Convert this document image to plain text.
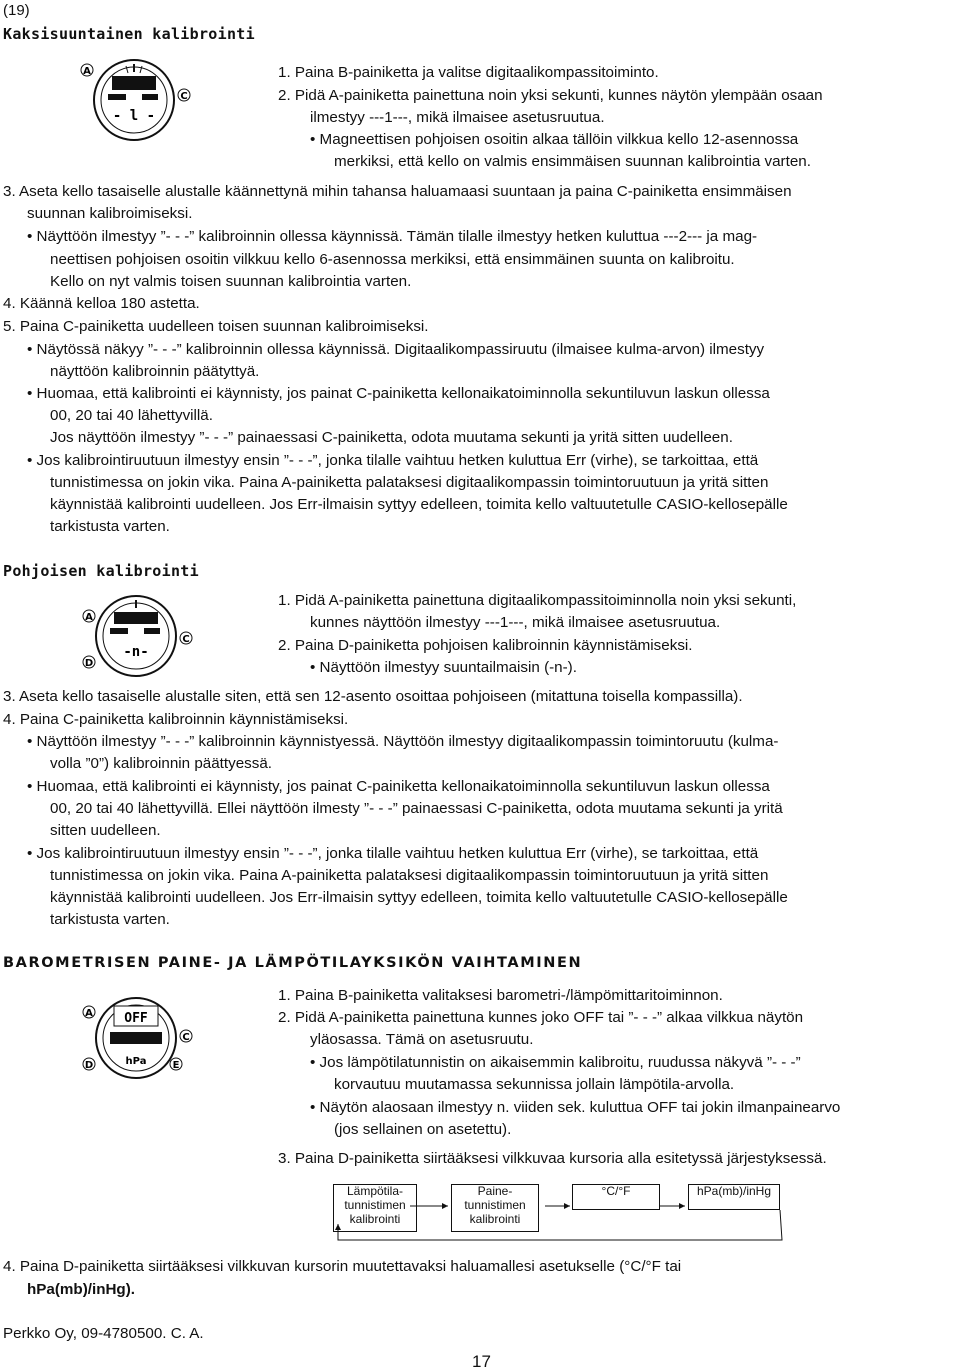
(19)
Kaksisuuntainen kalibrointi
- l -
A
C
1. Paina B-painiketta ja valitse digitaalikompassitoiminto.
2. Pidä A-painiketta painettuna noin yksi sekunti, kunnes näytön ylempään osaan
ilmestyy ---1---, mikä ilmaisee asetusruutua.
• Magneettisen pohjoisen osoitin alkaa tällöin vilkkua kello 12-asennossa
merkiksi, että kello on valmis ensimmäisen suunnan kalibrointia varten.
3. Aseta kello tasaiselle alustalle käännettynä mihin tahansa haluamaasi suuntaan ja paina C-painiketta ensimmäisen
suunnan kalibroimiseksi.
• Näyttöön ilmestyy ”- - -” kalibroinnin ollessa käynnissä. Tämän tilalle ilmestyy hetken kuluttua ---2--- ja mag-
neettisen pohjoisen osoitin vilkkuu kello 6-asennossa merkiksi, että ensimmäinen suunta on kalibroitu.
Kello on nyt valmis toisen suunnan kalibrointia varten.
4. Käännä kelloa 180 astetta.
5. Paina C-painiketta uudelleen toisen suunnan kalibroimiseksi.
• Näytössä näkyy ”- - -” kalibroinnin ollessa käynnissä. Digitaalikompassiruutu (ilmaisee kulma-arvon) ilmestyy
näyttöön kalibroinnin päätyttyä.
• Huomaa, että kalibrointi ei käynnisty, jos painat C-painiketta kellonaikatoiminnolla sekuntiluvun laskun ollessa
00, 20 tai 40 lähettyvillä.
Jos näyttöön ilmestyy ”- - -” painaessasi C-painiketta, odota muutama sekunti ja yritä sitten uudelleen.
• Jos kalibrointiruutuun ilmestyy ensin ”- - -”, jonka tilalle vaihtuu hetken kuluttua Err (virhe), se tarkoittaa, että
tunnistimessa on jokin vika. Paina A-painiketta palataksesi digitaalikompassin toimintoruutuun ja yritä sitten
käynnistää kalibrointi uudelleen. Jos Err-ilmaisin syttyy edelleen, toimita kello valtuutetulle CASIO-kellosepälle
tarkistusta varten.
Pohjoisen kalibrointi
-n-
A
C
D
1. Pidä A-painiketta painettuna digitaalikompassitoiminnolla noin yksi sekunti,
kunnes näyttöön ilmestyy ---1---, mikä ilmaisee asetusruutua.
2. Paina D-painiketta pohjoisen kalibroinnin käynnistämiseksi.
• Näyttöön ilmestyy suuntailmaisin (-n-).
3. Aseta kello tasaiselle alustalle siten, että sen 12-asento osoittaa pohjoiseen (mitattuna toisella kompassilla).
4. Paina C-painiketta kalibroinnin käynnistämiseksi.
• Näyttöön ilmestyy ”- - -” kalibroinnin käynnistyessä. Näyttöön ilmestyy digitaalikompassin toimintoruutu (kulma-
volla ”0”) kalibroinnin päättyessä.
• Huomaa, että kalibrointi ei käynnisty, jos painat C-painiketta kellonaikatoiminnolla sekuntiluvun laskun ollessa
00, 20 tai 40 lähettyvillä. Ellei näyttöön ilmesty ”- - -” painaessasi C-painiketta, odota muutama sekunti ja yritä
sitten uudelleen.
• Jos kalibrointiruutuun ilmestyy ensin ”- - -”, jonka tilalle vaihtuu hetken kuluttua Err (virhe), se tarkoittaa, että
tunnistimessa on jokin vika. Paina A-painiketta palataksesi digitaalikompassin toimintoruutuun ja yritä sitten
käynnistää kalibrointi uudelleen. Jos Err-ilmaisin syttyy edelleen, toimita kello valtuutetulle CASIO-kellosepälle
tarkistusta varten.
BAROMETRISEN PAINE- JA LÄMPÖTILAYKSIKÖN VAIHTAMINEN
OFF
hPa
A
C
D	E
1. Paina B-painiketta valitaksesi barometri-/lämpömittaritoiminnon.
2. Pidä A-painiketta painettuna kunnes joko OFF tai ”- - -” alkaa vilkkua näytön
yläosassa. Tämä on asetusruutu.
• Jos lämpötilatunnistin on aikaisemmin kalibroitu, ruudussa näkyvä ”- - -”
korvautuu muutamassa sekunnissa jollain lämpötila-arvolla.
• Näytön alaosaan ilmestyy n. viiden sek. kuluttua OFF tai jokin ilmanpainearvo
(jos sellainen on asetettu).
3. Paina D-painiketta siirtääksesi vilkkuvaa kursoria alla esitetyssä järjestyksessä.
Lämpötila-
tunnistimen
kalibrointi
Paine-
tunnistimen
kalibrointi
°C/°F	hPa(mb)/inHg
4. Paina D-painiketta siirtääksesi vilkkuvan kursorin muutettavaksi haluamallesi asetukselle (°C/°F tai
hPa(mb)/inHg).
Perkko Oy, 09-4780500. C. A.
17
